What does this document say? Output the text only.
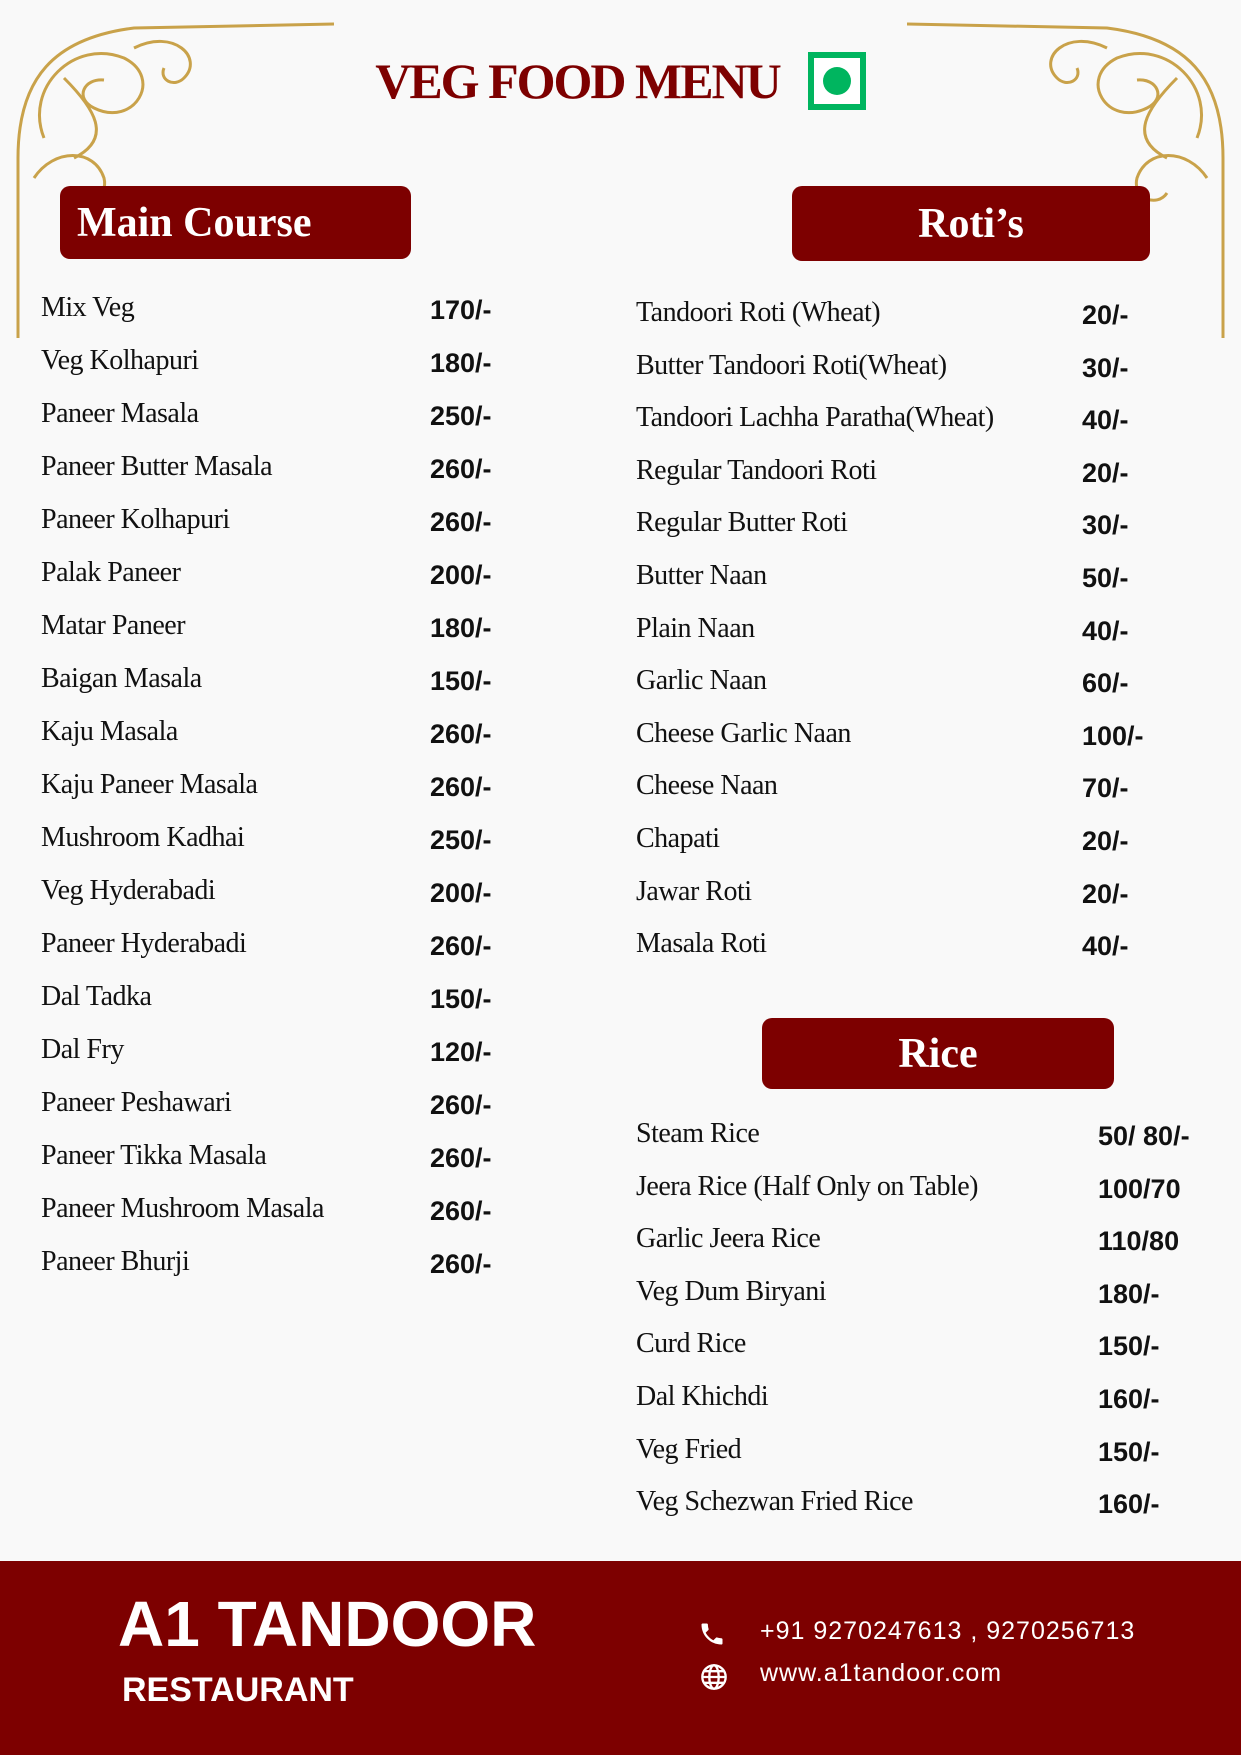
VEG FOOD MENU
Main Course	Roti’s
Rice
Mix Veg	170/-
Veg Kolhapuri	180/-
Paneer Masala	250/-
Paneer Butter Masala	260/-
Paneer Kolhapuri	260/-
Palak Paneer	200/-
Matar Paneer	180/-
Baigan Masala	150/-
Kaju Masala	260/-
Kaju Paneer Masala	260/-
Mushroom Kadhai	250/-
Veg Hyderabadi	200/-
Paneer Hyderabadi	260/-
Dal Tadka	150/-
Dal Fry	120/-
Paneer Peshawari	260/-
Paneer Tikka Masala	260/-
Paneer Mushroom Masala	260/-
Paneer Bhurji	260/-
Tandoori Roti (Wheat)	20/-
Butter Tandoori Roti(Wheat)	30/-
Tandoori Lachha Paratha(Wheat)	40/-
Regular Tandoori Roti	20/-
Regular Butter Roti	30/-
Butter Naan	50/-
Plain Naan	40/-
Garlic Naan	60/-
Cheese Garlic Naan	100/-
Cheese Naan	70/-
Chapati	20/-
Jawar Roti	20/-
Masala Roti	40/-
Steam Rice	50/ 80/-
Jeera Rice (Half Only on Table)	100/70
Garlic Jeera Rice	110/80
Veg Dum Biryani	180/-
Curd Rice	150/-
Dal Khichdi	160/-
Veg Fried	150/-
Veg Schezwan Fried Rice	160/-
A1 TANDOOR
RESTAURANT
+91 9270247613 , 9270256713
www.a1tandoor.com
